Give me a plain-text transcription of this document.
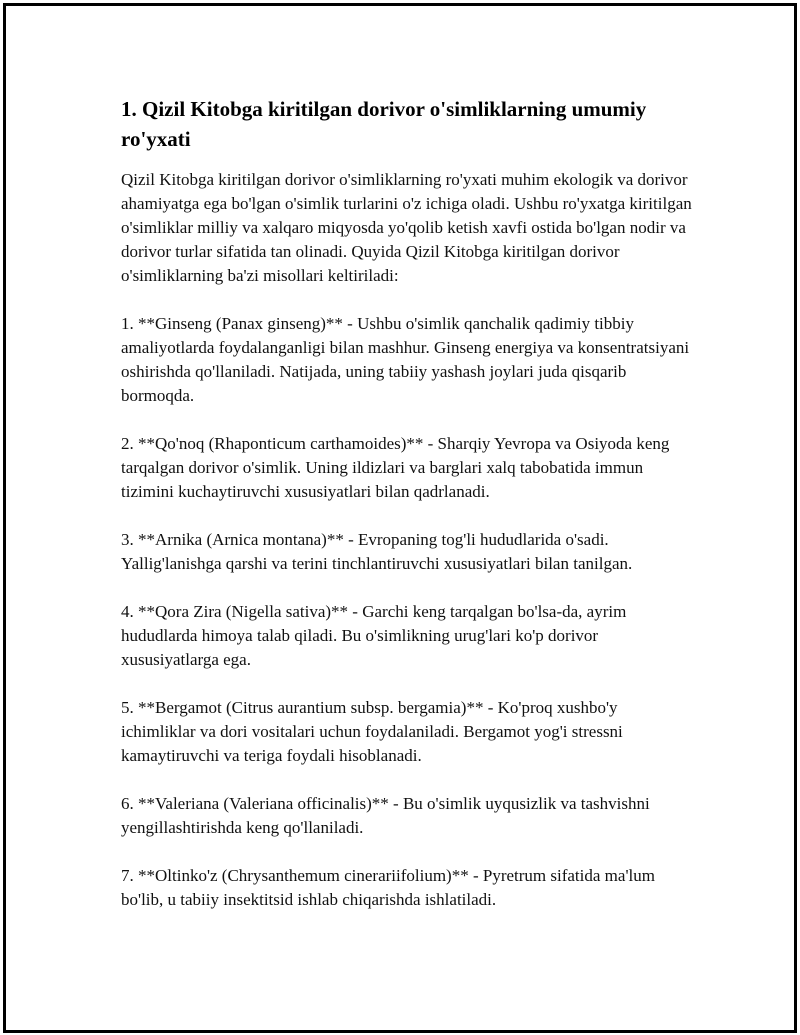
1. Qizil Kitobga kiritilgan dorivor o'simliklarning umumiy ro'yxati

Qizil Kitobga kiritilgan dorivor o'simliklarning ro'yxati muhim ekologik va dorivor ahamiyatga ega bo'lgan o'simlik turlarini o'z ichiga oladi. Ushbu ro'yxatga kiritilgan o'simliklar milliy va xalqaro miqyosda yo'qolib ketish xavfi ostida bo'lgan nodir va dorivor turlar sifatida tan olinadi. Quyida Qizil Kitobga kiritilgan dorivor o'simliklarning ba'zi misollari keltiriladi:

1. **Ginseng (Panax ginseng)** - Ushbu o'simlik qanchalik qadimiy tibbiy amaliyotlarda foydalanganligi bilan mashhur. Ginseng energiya va konsentratsiyani oshirishda qo'llaniladi. Natijada, uning tabiiy yashash joylari juda qisqarib bormoqda.

2. **Qo'noq (Rhaponticum carthamoides)** - Sharqiy Yevropa va Osiyoda keng tarqalgan dorivor o'simlik. Uning ildizlari va barglari xalq tabobatida immun tizimini kuchaytiruvchi xususiyatlari bilan qadrlanadi.

3. **Arnika (Arnica montana)** - Evropaning tog'li hududlarida o'sadi. Yallig'lanishga qarshi va terini tinchlantiruvchi xususiyatlari bilan tanilgan.

4. **Qora Zira (Nigella sativa)** - Garchi keng tarqalgan bo'lsa-da, ayrim hududlarda himoya talab qiladi. Bu o'simlikning urug'lari ko'p dorivor xususiyatlarga ega.

5. **Bergamot (Citrus aurantium subsp. bergamia)** - Ko'proq xushbo'y ichimliklar va dori vositalari uchun foydalaniladi. Bergamot yog'i stressni kamaytiruvchi va teriga foydali hisoblanadi.

6. **Valeriana (Valeriana officinalis)** - Bu o'simlik uyqusizlik va tashvishni yengillashtirishda keng qo'llaniladi.

7. **Oltinko'z (Chrysanthemum cinerariifolium)** - Pyretrum sifatida ma'lum bo'lib, u tabiiy insektitsid ishlab chiqarishda ishlatiladi.
